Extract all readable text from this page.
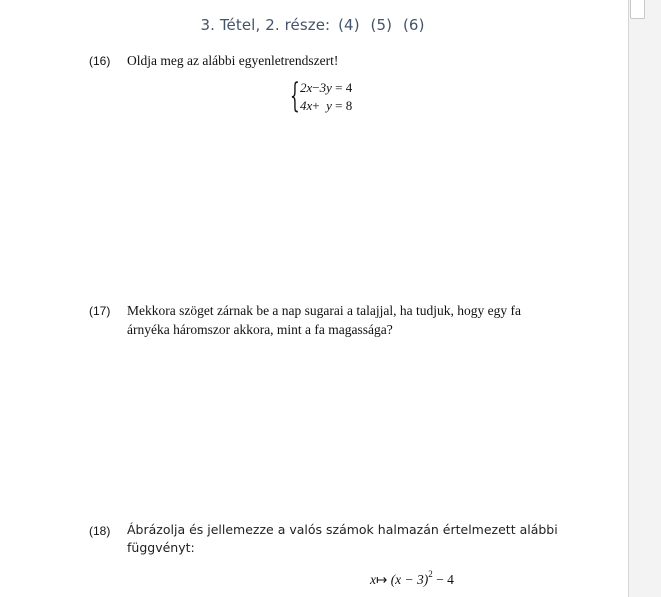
3. Tétel, 2. része: (4) (5) (6)
(16) Oldja meg az alábbi egyenletrendszert!
{ 2x−3y = 4
4x+ y = 8
(17) Mekkora szöget zárnak be a nap sugarai a talajjal, ha tudjuk, hogy egy fa
árnyéka háromszor akkora, mint a fa magassága?
(18) Ábrázolja és jellemezze a valós számok halmazán értelmezett alábbi
függvényt:
x↦ $(x - 3)^2 - 4$
